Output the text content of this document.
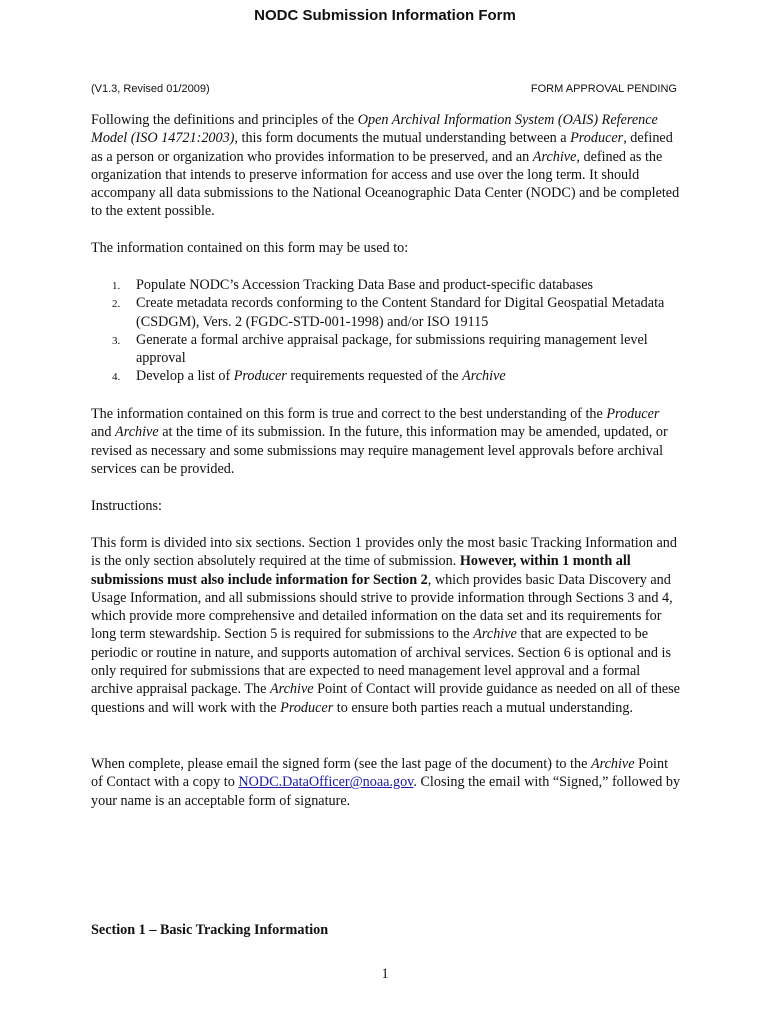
NODC Submission Information Form
(V1.3, Revised 01/2009)	FORM APPROVAL PENDING

Following the definitions and principles of the Open Archival Information System (OAIS) Reference Model (ISO 14721:2003), this form documents the mutual understanding between a Producer, defined as a person or organization who provides information to be preserved, and an Archive, defined as the organization that intends to preserve information for access and use over the long term. It should accompany all data submissions to the National Oceanographic Data Center (NODC) and be completed to the extent possible.

The information contained on this form may be used to:

1. Populate NODC’s Accession Tracking Data Base and product-specific databases
2. Create metadata records conforming to the Content Standard for Digital Geospatial Metadata (CSDGM), Vers. 2 (FGDC-STD-001-1998) and/or ISO 19115
3. Generate a formal archive appraisal package, for submissions requiring management level approval
4. Develop a list of Producer requirements requested of the Archive

The information contained on this form is true and correct to the best understanding of the Producer and Archive at the time of its submission. In the future, this information may be amended, updated, or revised as necessary and some submissions may require management level approvals before archival services can be provided.

Instructions:

This form is divided into six sections. Section 1 provides only the most basic Tracking Information and is the only section absolutely required at the time of submission. However, within 1 month all submissions must also include information for Section 2, which provides basic Data Discovery and Usage Information, and all submissions should strive to provide information through Sections 3 and 4, which provide more comprehensive and detailed information on the data set and its requirements for long term stewardship. Section 5 is required for submissions to the Archive that are expected to be periodic or routine in nature, and supports automation of archival services. Section 6 is optional and is only required for submissions that are expected to need management level approval and a formal archive appraisal package. The Archive Point of Contact will provide guidance as needed on all of these questions and will work with the Producer to ensure both parties reach a mutual understanding.

When complete, please email the signed form (see the last page of the document) to the Archive Point of Contact with a copy to NODC.DataOfficer@noaa.gov. Closing the email with “Signed,” followed by your name is an acceptable form of signature.

Section 1 – Basic Tracking Information
1
